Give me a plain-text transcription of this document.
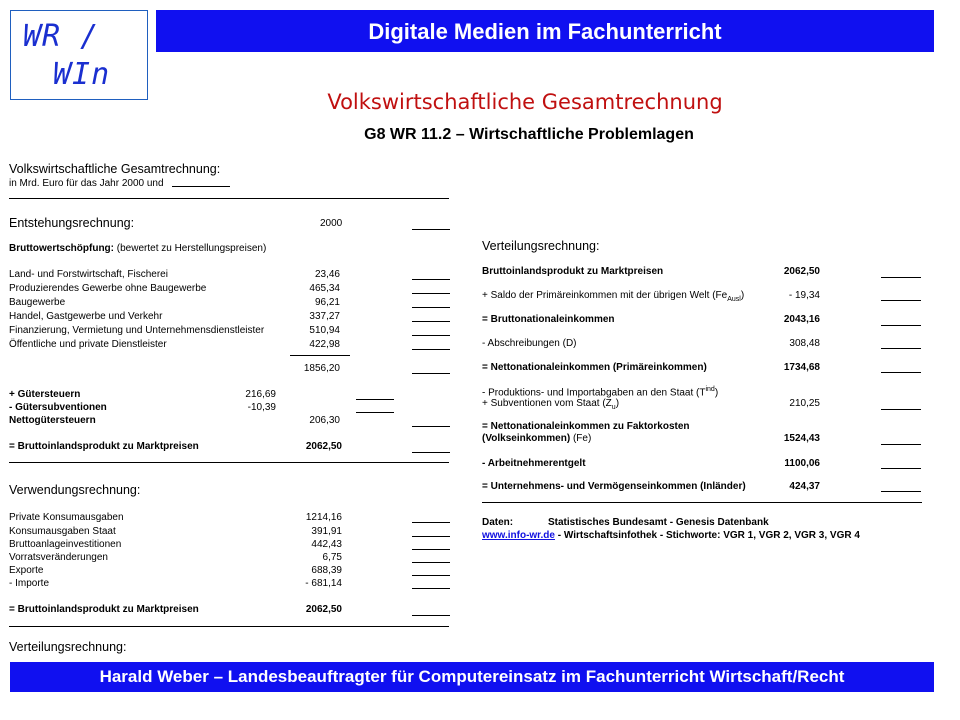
WR /
WIn
Digitale Medien im Fachunterricht
Volkswirtschaftliche Gesamtrechnung
G8 WR 11.2 – Wirtschaftliche Problemlagen
Volkswirtschaftliche Gesamtrechnung:
in Mrd. Euro für das Jahr 2000 und
Entstehungsrechnung:	2000
Bruttowertschöpfung: (bewertet zu Herstellungspreisen)
Land- und Forstwirtschaft, Fischerei	23,46
Produzierendes Gewerbe ohne Baugewerbe	465,34
Baugewerbe	96,21
Handel, Gastgewerbe und Verkehr	337,27
Finanzierung, Vermietung und Unternehmensdienstleister	510,94
Öffentliche und private Dienstleister	422,98
1856,20
+ Gütersteuern	216,69
- Gütersubventionen	-10,39
Nettogütersteuern	206,30
= Bruttoinlandsprodukt zu Marktpreisen	2062,50
Verwendungsrechnung:
Private Konsumausgaben	1214,16
Konsumausgaben Staat	391,91
Bruttoanlageinvestitionen	442,43
Vorratsveränderungen	6,75
Exporte	688,39
- Importe	- 681,14
= Bruttoinlandsprodukt zu Marktpreisen	2062,50
Verteilungsrechnung:
Verteilungsrechnung:
Bruttoinlandsprodukt zu Marktpreisen	2062,50
+ Saldo der Primäreinkommen mit der übrigen Welt $(Fe_{Ausl})$	- 19,34
= Bruttonationaleinkommen	2043,16
- Abschreibungen (D)	308,48
= Nettonationaleinkommen (Primäreinkommen)	1734,68
- Produktions- und Importabgaben an den Staat $(T^{ind})$
+ Subventionen vom Staat $(Z_u)$	210,25
= Nettonationaleinkommen zu Faktorkosten
(Volkseinkommen) (Fe)	1524,43
- Arbeitnehmerentgelt	1100,06
= Unternehmens- und Vermögenseinkommen (Inländer)	424,37
Daten:	Statistisches Bundesamt - Genesis Datenbank
www.info-wr.de - Wirtschaftsinfothek - Stichworte: VGR 1, VGR 2, VGR 3, VGR 4
Harald Weber – Landesbeauftragter für Computereinsatz im Fachunterricht Wirtschaft/Recht
